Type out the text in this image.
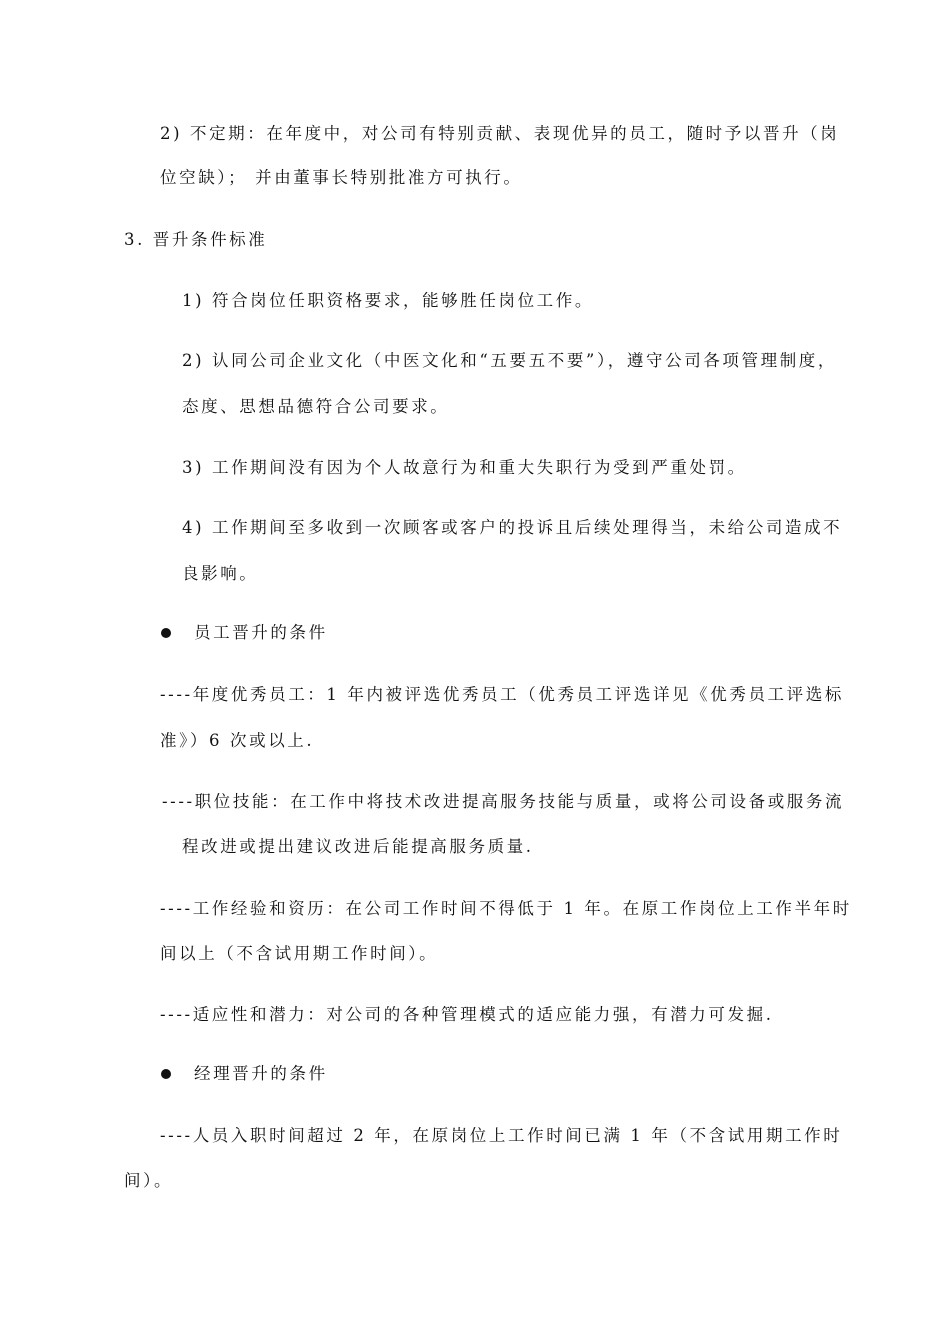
2) 不定期：在年度中，对公司有特别贡献、表现优异的员工，随时予以晋升（岗
位空缺）； 并由董事长特别批准方可执行。
3. 晋升条件标准
1) 符合岗位任职资格要求，能够胜任岗位工作。
2) 认同公司企业文化（中医文化和“五要五不要”），遵守公司各项管理制度，
态度、思想品德符合公司要求。
3) 工作期间没有因为个人故意行为和重大失职行为受到严重处罚。
4) 工作期间至多收到一次顾客或客户的投诉且后续处理得当，未给公司造成不
良影响。
员工晋升的条件
----年度优秀员工：1 年内被评选优秀员工（优秀员工评选详见《优秀员工评选标
准》）6 次或以上.
----职位技能：在工作中将技术改进提高服务技能与质量，或将公司设备或服务流
程改进或提出建议改进后能提高服务质量.
----工作经验和资历：在公司工作时间不得低于 1 年。在原工作岗位上工作半年时
间以上（不含试用期工作时间）。
----适应性和潜力：对公司的各种管理模式的适应能力强，有潜力可发掘.
经理晋升的条件
----人员入职时间超过 2 年，在原岗位上工作时间已满 1 年（不含试用期工作时
间）。
